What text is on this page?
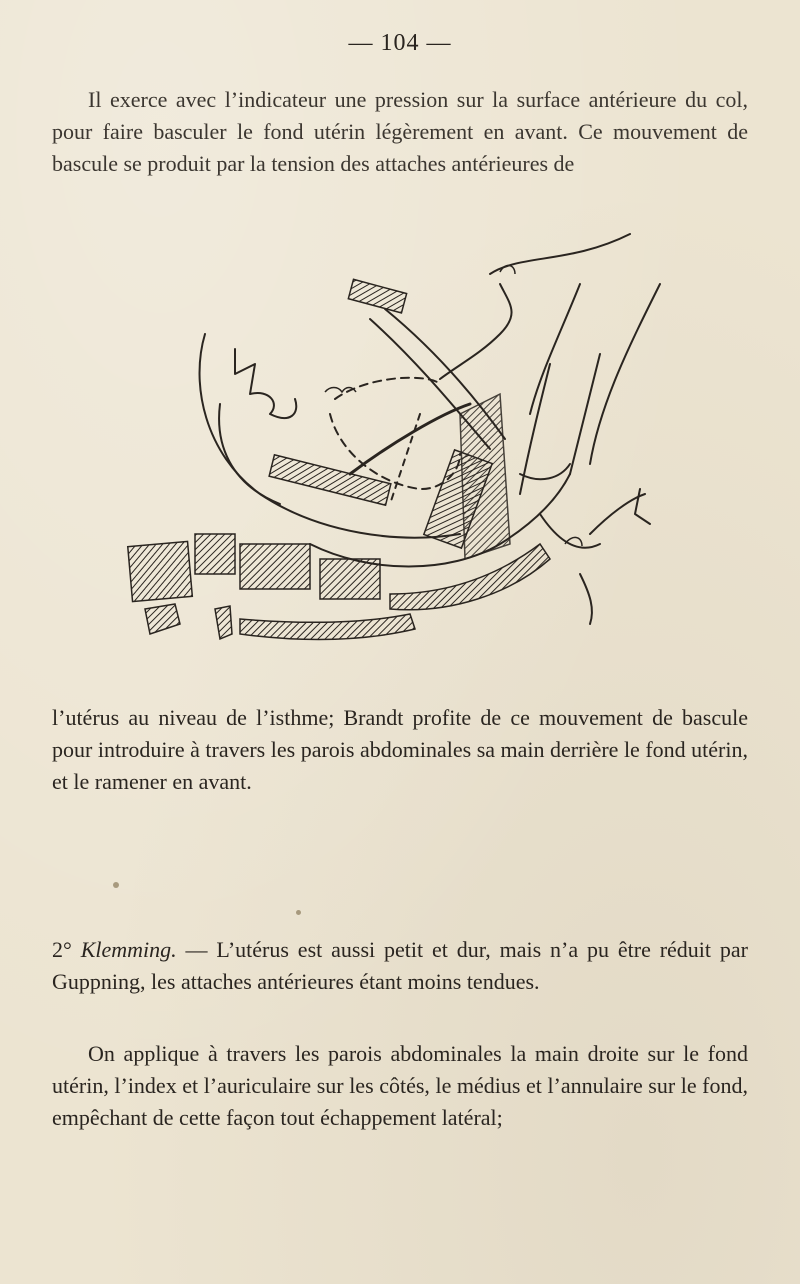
— 104 —

Il exerce avec l’indicateur une pression sur la surface antérieure du col, pour faire basculer le fond utérin légèrement en avant. Ce mouvement de bascule se produit par la tension des attaches antérieures de

l’utérus au niveau de l’isthme; Brandt profite de ce mouvement de bascule pour introduire à travers les parois abdominales sa main derrière le fond utérin, et le ramener en avant.

2° Klemming. — L’utérus est aussi petit et dur, mais n’a pu être réduit par Guppning, les attaches antérieures étant moins tendues.

On applique à travers les parois abdominales la main droite sur le fond utérin, l’index et l’auriculaire sur les côtés, le médius et l’annulaire sur le fond, empêchant de cette façon tout échappement latéral;
